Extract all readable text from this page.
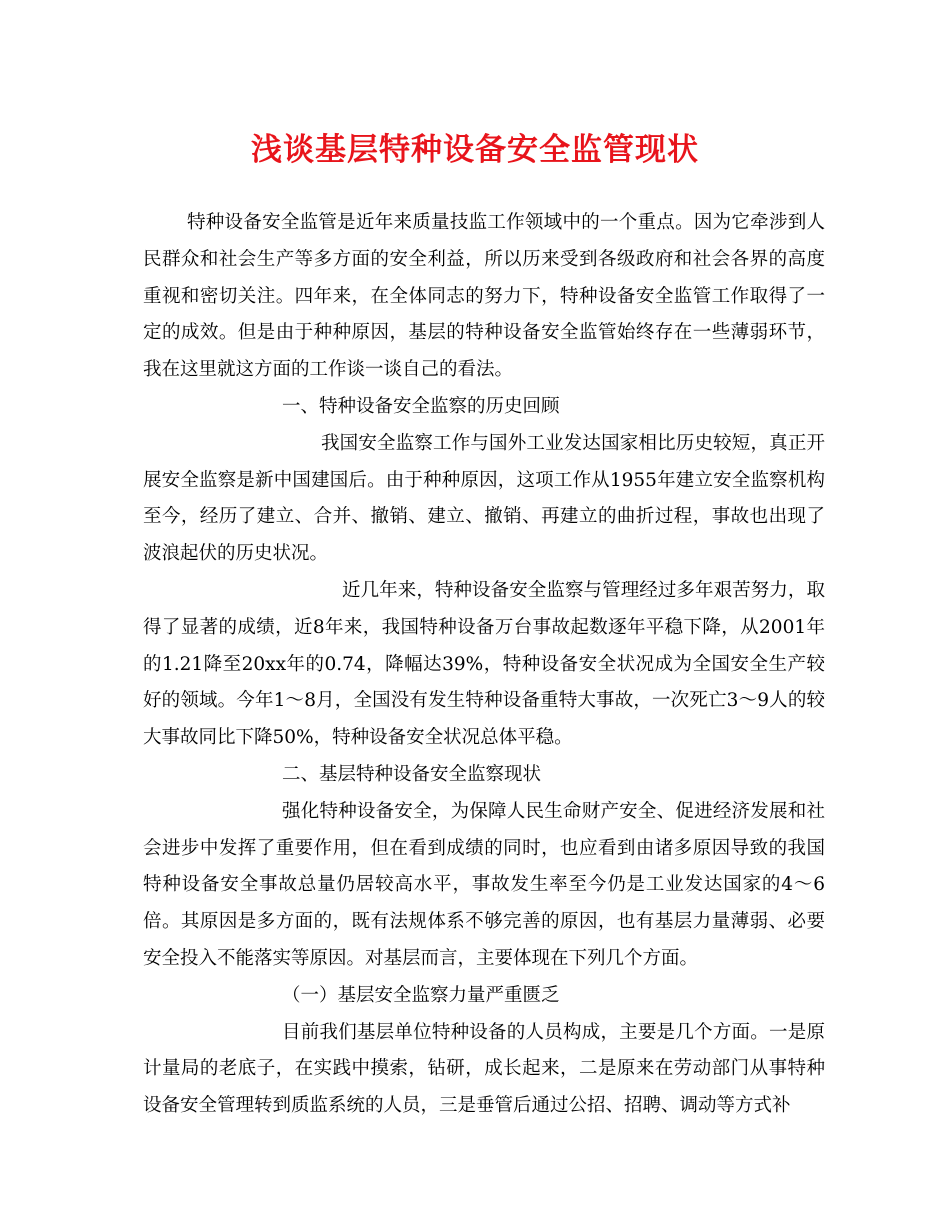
浅谈基层特种设备安全监管现状

特种设备安全监管是近年来质量技监工作领域中的一个重点。因为它牵涉到人民群众和社会生产等多方面的安全利益，所以历来受到各级政府和社会各界的高度重视和密切关注。四年来，在全体同志的努力下，特种设备安全监管工作取得了一定的成效。但是由于种种原因，基层的特种设备安全监管始终存在一些薄弱环节，我在这里就这方面的工作谈一谈自己的看法。

一、特种设备安全监察的历史回顾

我国安全监察工作与国外工业发达国家相比历史较短，真正开展安全监察是新中国建国后。由于种种原因，这项工作从1955年建立安全监察机构至今，经历了建立、合并、撤销、建立、撤销、再建立的曲折过程，事故也出现了波浪起伏的历史状况。

近几年来，特种设备安全监察与管理经过多年艰苦努力，取得了显著的成绩，近8年来，我国特种设备万台事故起数逐年平稳下降，从2001年的1.21降至20xx年的0.74，降幅达39%，特种设备安全状况成为全国安全生产较好的领域。今年1～8月，全国没有发生特种设备重特大事故，一次死亡3～9人的较大事故同比下降50%，特种设备安全状况总体平稳。

二、基层特种设备安全监察现状

强化特种设备安全，为保障人民生命财产安全、促进经济发展和社会进步中发挥了重要作用，但在看到成绩的同时，也应看到由诸多原因导致的我国特种设备安全事故总量仍居较高水平，事故发生率至今仍是工业发达国家的4～6倍。其原因是多方面的，既有法规体系不够完善的原因，也有基层力量薄弱、必要安全投入不能落实等原因。对基层而言，主要体现在下列几个方面。

（一）基层安全监察力量严重匮乏

目前我们基层单位特种设备的人员构成，主要是几个方面。一是原计量局的老底子，在实践中摸索，钻研，成长起来，二是原来在劳动部门从事特种设备安全管理转到质监系统的人员，三是垂管后通过公招、招聘、调动等方式补
